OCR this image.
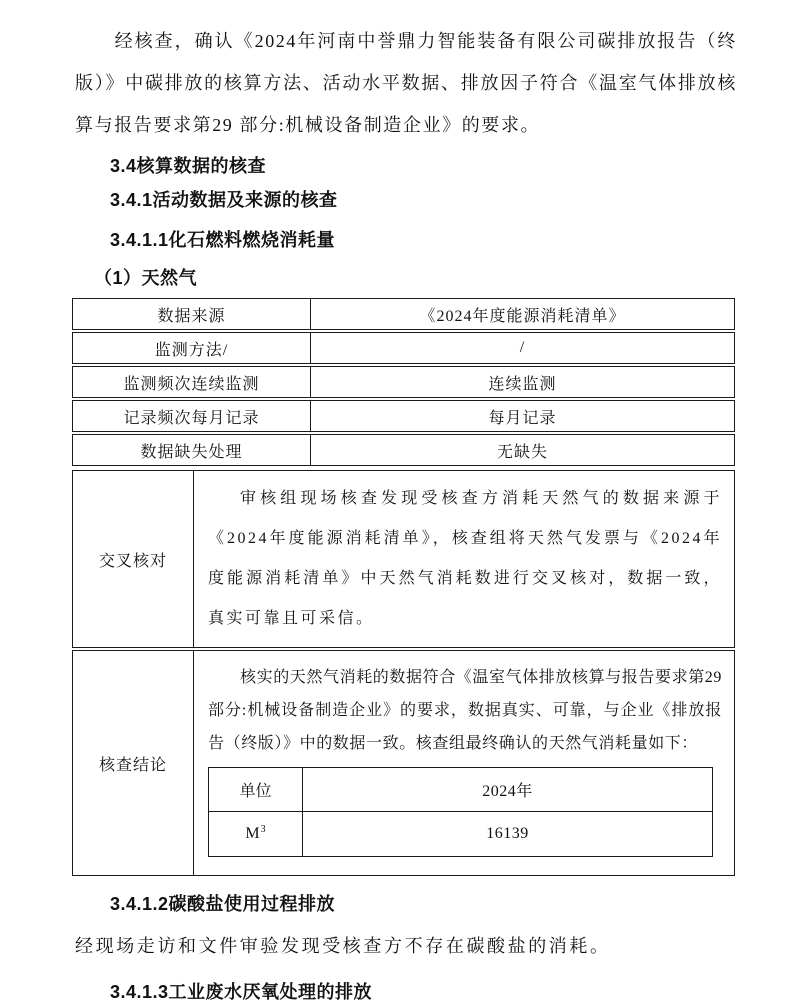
经核查，确认《2024年河南中誉鼎力智能装备有限公司碳排放报告（终版）》中碳排放的核算方法、活动水平数据、排放因子符合《温室气体排放核算与报告要求第29 部分:机械设备制造企业》的要求。

3.4核算数据的核查
3.4.1活动数据及来源的核查
3.4.1.1化石燃料燃烧消耗量
（1）天然气
数据来源	《2024年度能源消耗清单》
监测方法/	/
监测频次连续监测	连续监测
记录频次每月记录	每月记录
数据缺失处理	无缺失
交叉核对

审核组现场核查发现受核查方消耗天然气的数据来源于《2024年度能源消耗清单》，核查组将天然气发票与《2024年度能源消耗清单》中天然气消耗数进行交叉核对，数据一致，真实可靠且可采信。

核查结论

核实的天然气消耗的数据符合《温室气体排放核算与报告要求第29 部分:机械设备制造企业》的要求，数据真实、可靠，与企业《排放报告（终版）》中的数据一致。核查组最终确认的天然气消耗量如下：

单位	2024年
$M^3$	16139
3.4.1.2碳酸盐使用过程排放

经现场走访和文件审验发现受核查方不存在碳酸盐的消耗。

3.4.1.3工业废水厌氧处理的排放
